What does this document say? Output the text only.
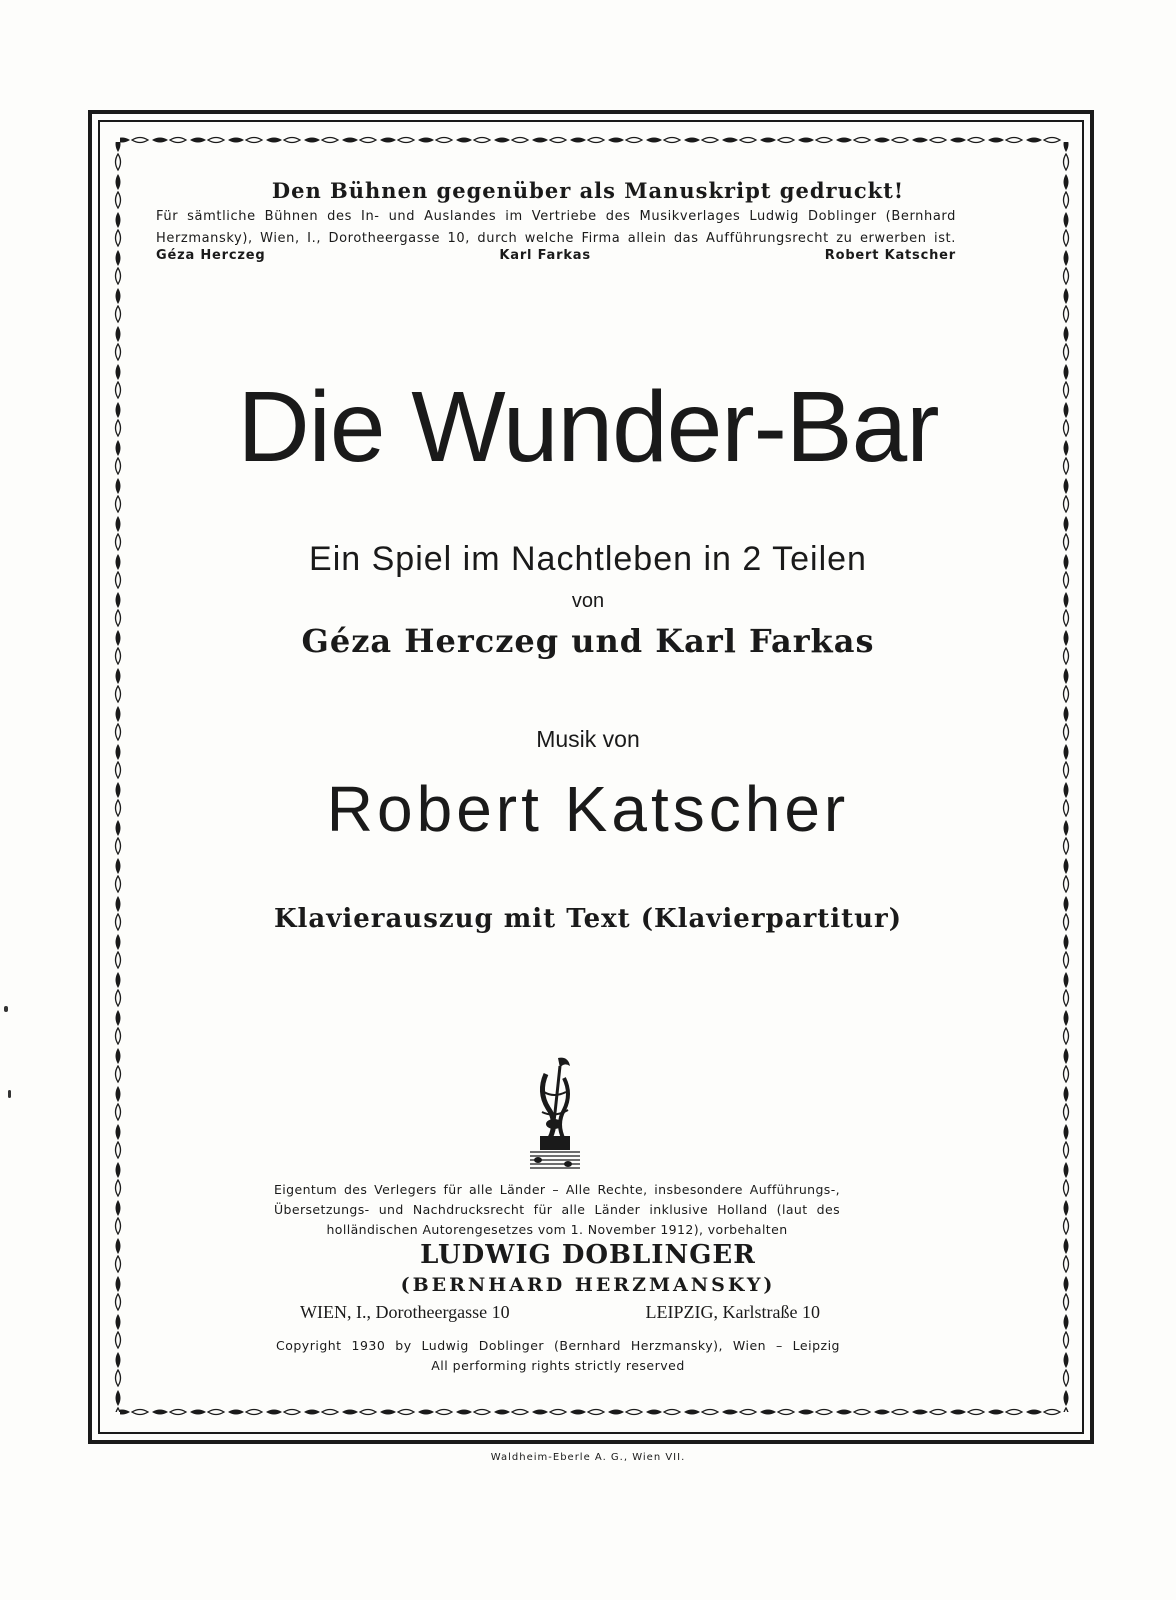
Den Bühnen gegenüber als Manuskript gedruckt!
Für sämtliche Bühnen des In- und Auslandes im Vertriebe des Musikverlages Ludwig Doblinger (Bernhard
Herzmansky), Wien, I., Dorotheergasse 10, durch welche Firma allein das Aufführungsrecht zu erwerben ist.
Géza Herczeg	Karl Farkas	Robert Katscher
Die Wunder-Bar
Ein Spiel im Nachtleben in 2 Teilen
von
Géza Herczeg und Karl Farkas
Musik von
Robert Katscher
Klavierauszug mit Text (Klavierpartitur)
Eigentum des Verlegers für alle Länder – Alle Rechte, insbesondere Aufführungs-,
Übersetzungs- und Nachdrucksrecht für alle Länder inklusive Holland (laut des
holländischen Autorengesetzes vom 1. November 1912), vorbehalten
LUDWIG DOBLINGER
(BERNHARD HERZMANSKY)
WIEN, I., Dorotheergasse 10	LEIPZIG, Karlstraße 10
Copyright 1930 by Ludwig Doblinger (Bernhard Herzmansky), Wien – Leipzig
All performing rights strictly reserved
Waldheim-Eberle A. G., Wien VII.
